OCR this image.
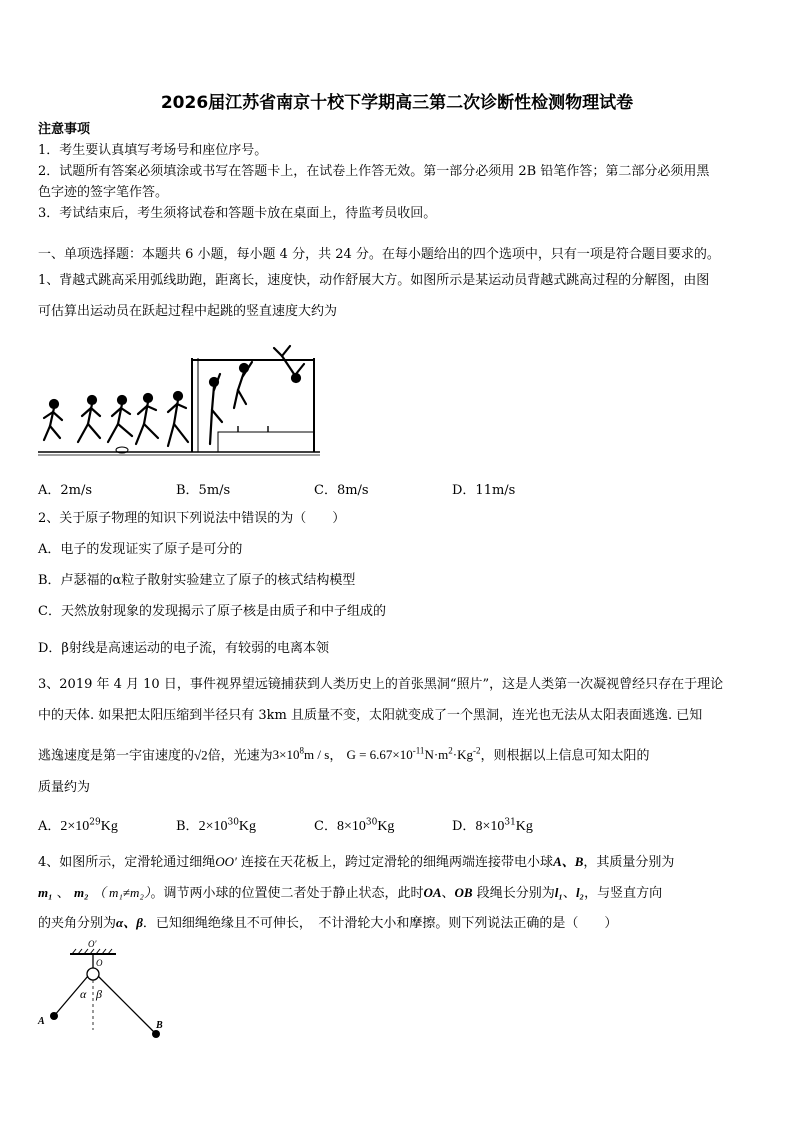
2026届江苏省南京十校下学期高三第二次诊断性检测物理试卷
注意事项
1．考生要认真填写考场号和座位序号。
2．试题所有答案必须填涂或书写在答题卡上，在试卷上作答无效。第一部分必须用 2B 铅笔作答；第二部分必须用黑
色字迹的签字笔作答。
3．考试结束后，考生须将试卷和答题卡放在桌面上，待监考员收回。
一、单项选择题：本题共 6 小题，每小题 4 分，共 24 分。在每小题给出的四个选项中，只有一项是符合题目要求的。
1、背越式跳高采用弧线助跑，距离长，速度快，动作舒展大方。如图所示是某运动员背越式跳高过程的分解图，由图
可估算出运动员在跃起过程中起跳的竖直速度大约为
A．2m/s	B．5m/s	C．8m/s	D．11m/s
2、关于原子物理的知识下列说法中错误的为（　　）
A．电子的发现证实了原子是可分的
B．卢瑟福的α粒子散射实验建立了原子的核式结构模型
C．天然放射现象的发现揭示了原子核是由质子和中子组成的
D．β射线是高速运动的电子流，有较弱的电离本领
3、2019 年 4 月 10 日，事件视界望远镜捕获到人类历史上的首张黑洞“照片”，这是人类第一次凝视曾经只存在于理论
中的天体. 如果把太阳压缩到半径只有 3km 且质量不变，太阳就变成了一个黑洞，连光也无法从太阳表面逃逸. 已知
逃逸速度是第一宇宙速度的√2倍，光速为$3\times 10^8m / s$， $G = 6.67\times 10^{-11}N\cdot m^2\cdot Kg^{-2}$，则根据以上信息可知太阳的
质量约为
A．$2\times 10^{29}Kg$	B．$2\times 10^{30}Kg$	C．$8\times 10^{30}Kg$	D．$8\times 10^{31}Kg$
4、如图所示，定滑轮通过细绳OO′ 连接在天花板上，跨过定滑轮的细绳两端连接带电小球A、B，其质量分别为
m₁ 、 m₂ （ m₁≠m₂）。调节两小球的位置使二者处于静止状态，此时OA、OB 段绳长分别为l₁、l₂，与竖直方向
的夹角分别为α、β．已知细绳绝缘且不可伸长，　不计滑轮大小和摩擦。则下列说法正确的是（　　）
O′
O
A	B
α β
